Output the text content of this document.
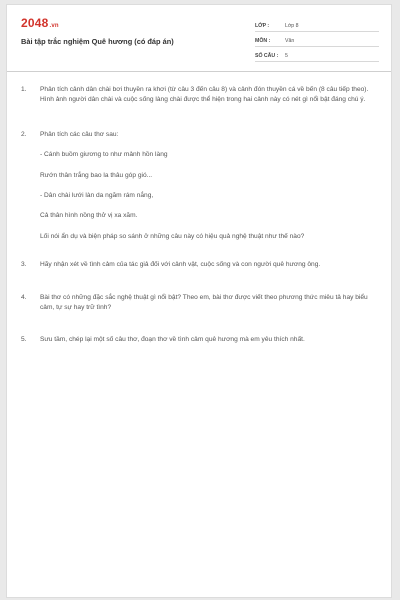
2048.vn
Bài tập trắc nghiệm Quê hương (có đáp án)
LỚP :	Lớp 8
MÔN :	Văn
SỐ CÂU :	5
1.	Phân tích cảnh dân chài bơi thuyền ra khơi (từ câu 3 đến câu 8) và cảnh đón thuyền cá về bến (8 câu tiếp theo). Hình ảnh người dân chài và cuộc sống làng chài được thể hiện trong hai cảnh này có nét gì nổi bật đáng chú ý.

2.	Phân tích các câu thơ sau:

- Cánh buồm giương to như mảnh hồn làng

Rướn thân trắng bao la thâu góp gió...

- Dân chài lưới làn da ngăm rám nắng,

Cả thân hình nồng thở vị xa xăm.

Lối nói ẩn dụ và biện pháp so sánh ở những câu này có hiệu quả nghệ thuật như thế nào?

3.	Hãy nhận xét về tình cảm của tác giả đối với cảnh vật, cuộc sống và con người quê hương ông.

4.	Bài thơ có những đặc sắc nghệ thuật gì nổi bật? Theo em, bài thơ được viết theo phương thức miêu tả hay biểu cảm, tự sự hay trữ tình?

5.	Sưu tầm, chép lại một số câu thơ, đoạn thơ về tình cảm quê hương mà em yêu thích nhất.
